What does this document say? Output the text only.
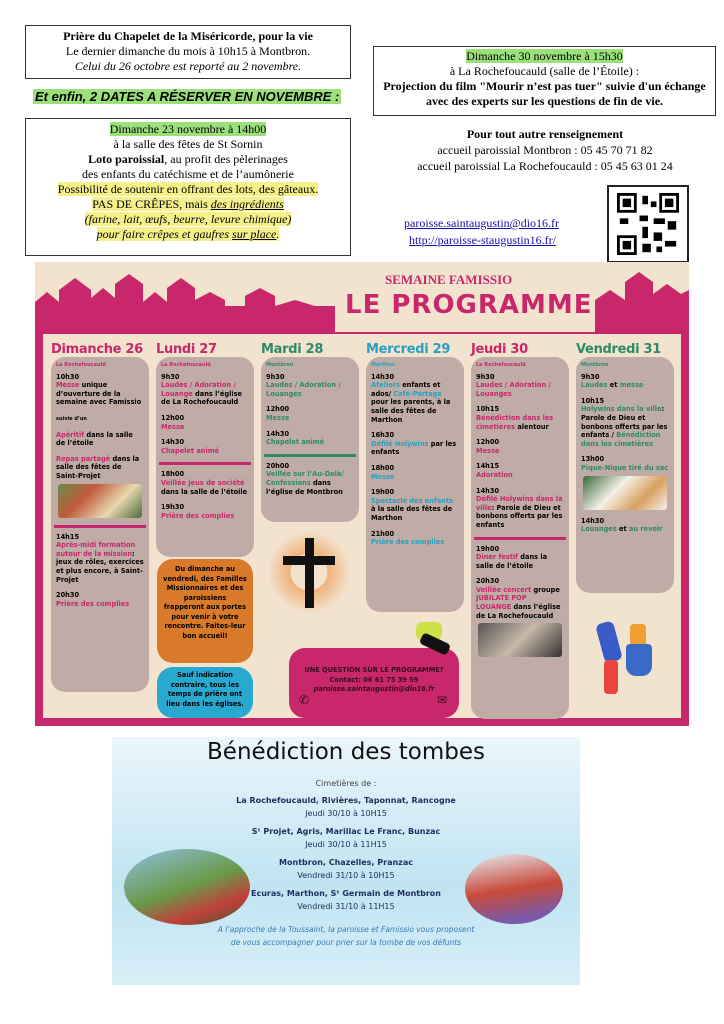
Prière du Chapelet de la Miséricorde, pour la vie
Le dernier dimanche du mois à 10h15 à Montbron.
Celui du 26 octobre est reporté au 2 novembre.
Et enfin, 2 DATES A RÉSERVER EN NOVEMBRE :
Dimanche 23 novembre à 14h00
à la salle des fêtes de St Sornin
Loto paroissial, au profit des pèlerinages
des enfants du catéchisme et de l’aumônerie
Possibilité de soutenir en offrant des lots, des gâteaux.
PAS DE CRÊPES, mais des ingrédients
(farine, lait, œufs, beurre, levure chimique)
pour faire crêpes et gaufres sur place.
Dimanche 30 novembre à 15h30
à La Rochefoucauld (salle de l’Étoile) :
Projection du film "Mourir n’est pas tuer" suivie d'un échange avec des experts sur les questions de fin de vie.
Pour tout autre renseignement
accueil paroissial Montbron : 05 45 70 71 82
accueil paroissial La Rochefoucauld : 05 45 63 01 24
paroisse.saintaugustin@dio16.fr
http://paroisse-staugustin16.fr/
SEMAINE FAMISSIO
LE PROGRAMME
Dimanche 26
La Rochefoucauld
10h30
Messe unique d’ouverture de la semaine avec Famissio
suivie d’un
Apéritif dans la salle de l’étoile
Repas partagé dans la salle des fêtes de Saint-Projet
14h15
Après-midi formation autour de la mission: jeux de rôles, exercices et plus encore, à Saint-Projet
20h30
Prière des complies
Lundi 27
La Rochefoucauld
9h30
Laudes / Adoration / Louange dans l’église de La Rochefoucauld
12h00
Messe
14h30
Chapelet animé
18h00
Veillée jeux de société dans la salle de l’étoile
19h30
Prière des complies
Mardi 28
Montbron
9h30
Laudes / Adoration / Louanges
12h00
Messe
14h30
Chapelet animé
20h00
Veillée sur l’Au-Delà/ Confessions dans l’église de Montbron
Mercredi 29
Marthon
14h30
Ateliers enfants et ados/ Café-Partage pour les parents, à la salle des fêtes de Marthon
16h30
Défilé Holywins par les enfants
18h00
Messe
19h00
Spectacle des enfants à la salle des fêtes de Marthon
21h00
Prière des complies
Jeudi 30
La Rochefoucauld
9h30
Laudes / Adoration / Louanges
10h15
Bénédiction dans les cimetières alentour
12h00
Messe
14h15
Adoration
14h30
Défilé Holywins dans la ville: Parole de Dieu et bonbons offerts par les enfants
19h00
Diner festif dans la salle de l’étoile
20h30
Veillée concert groupe JUBILATE POP LOUANGE dans l’église de La Rochefoucauld
Vendredi 31
Montbron
9h30
Laudes et messe
10h15
Holywins dans la ville: Parole de Dieu et bonbons offerts par les enfants / Bénédiction dans les cimetières
13h00
Pique-Nique tiré du sac
14h30
Louanges et au revoir
Du dimanche au vendredi, des Familles Missionnaires et des paroissiens frapperont aux portes pour venir à votre rencontre. Faites-leur bon accueil!
Sauf indication contraire, tous les temps de prière ont lieu dans les églises.
UNE QUESTION SUR LE PROGRAMME?
Contact: 06 61 75 39 59
paroisse.saintaugustin@dio16.fr
✆	✉
Bénédiction des tombes
Cimetières de :
La Rochefoucauld, Rivières, Taponnat, Rancogne
Jeudi 30/10 à 10H15
Sᵗ Projet, Agris, Marillac Le Franc, Bunzac
Jeudi 30/10 à 11H15
Montbron, Chazelles, Pranzac
Vendredi 31/10 à 10H15
Ecuras, Marthon, Sᵗ Germain de Montbron
Vendredi 31/10 à 11H15
A l’approche de la Toussaint, la paroisse et Famissio vous proposent
de vous accompagner pour prier sur la tombe de vos défunts
